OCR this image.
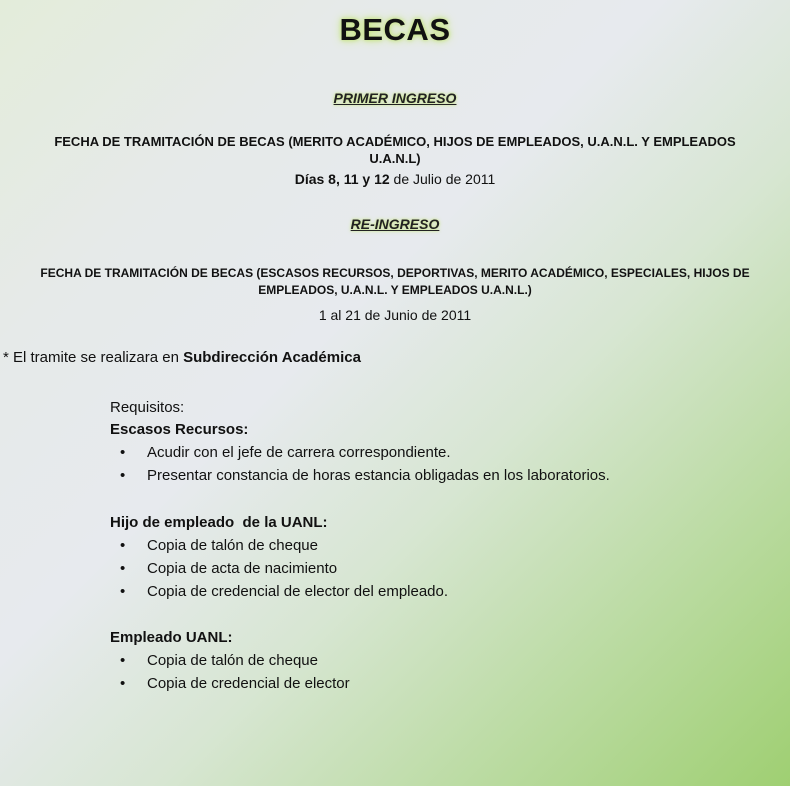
BECAS
PRIMER INGRESO
FECHA DE TRAMITACIÓN DE BECAS (MERITO ACADÉMICO, HIJOS DE EMPLEADOS, U.A.N.L. Y EMPLEADOS
U.A.N.L)
Días 8, 11 y 12 de Julio de 2011
RE-INGRESO
FECHA DE TRAMITACIÓN DE BECAS (ESCASOS RECURSOS, DEPORTIVAS, MERITO ACADÉMICO, ESPECIALES, HIJOS DE
EMPLEADOS, U.A.N.L. Y EMPLEADOS U.A.N.L.)
1 al 21 de Junio de 2011
* El tramite se realizara en Subdirección Académica
Requisitos:
Escasos Recursos:
• Acudir con el jefe de carrera correspondiente.
• Presentar constancia de horas estancia obligadas en los laboratorios.
Hijo de empleado  de la UANL:
• Copia de talón de cheque
• Copia de acta de nacimiento
• Copia de credencial de elector del empleado.
Empleado UANL:
• Copia de talón de cheque
• Copia de credencial de elector
